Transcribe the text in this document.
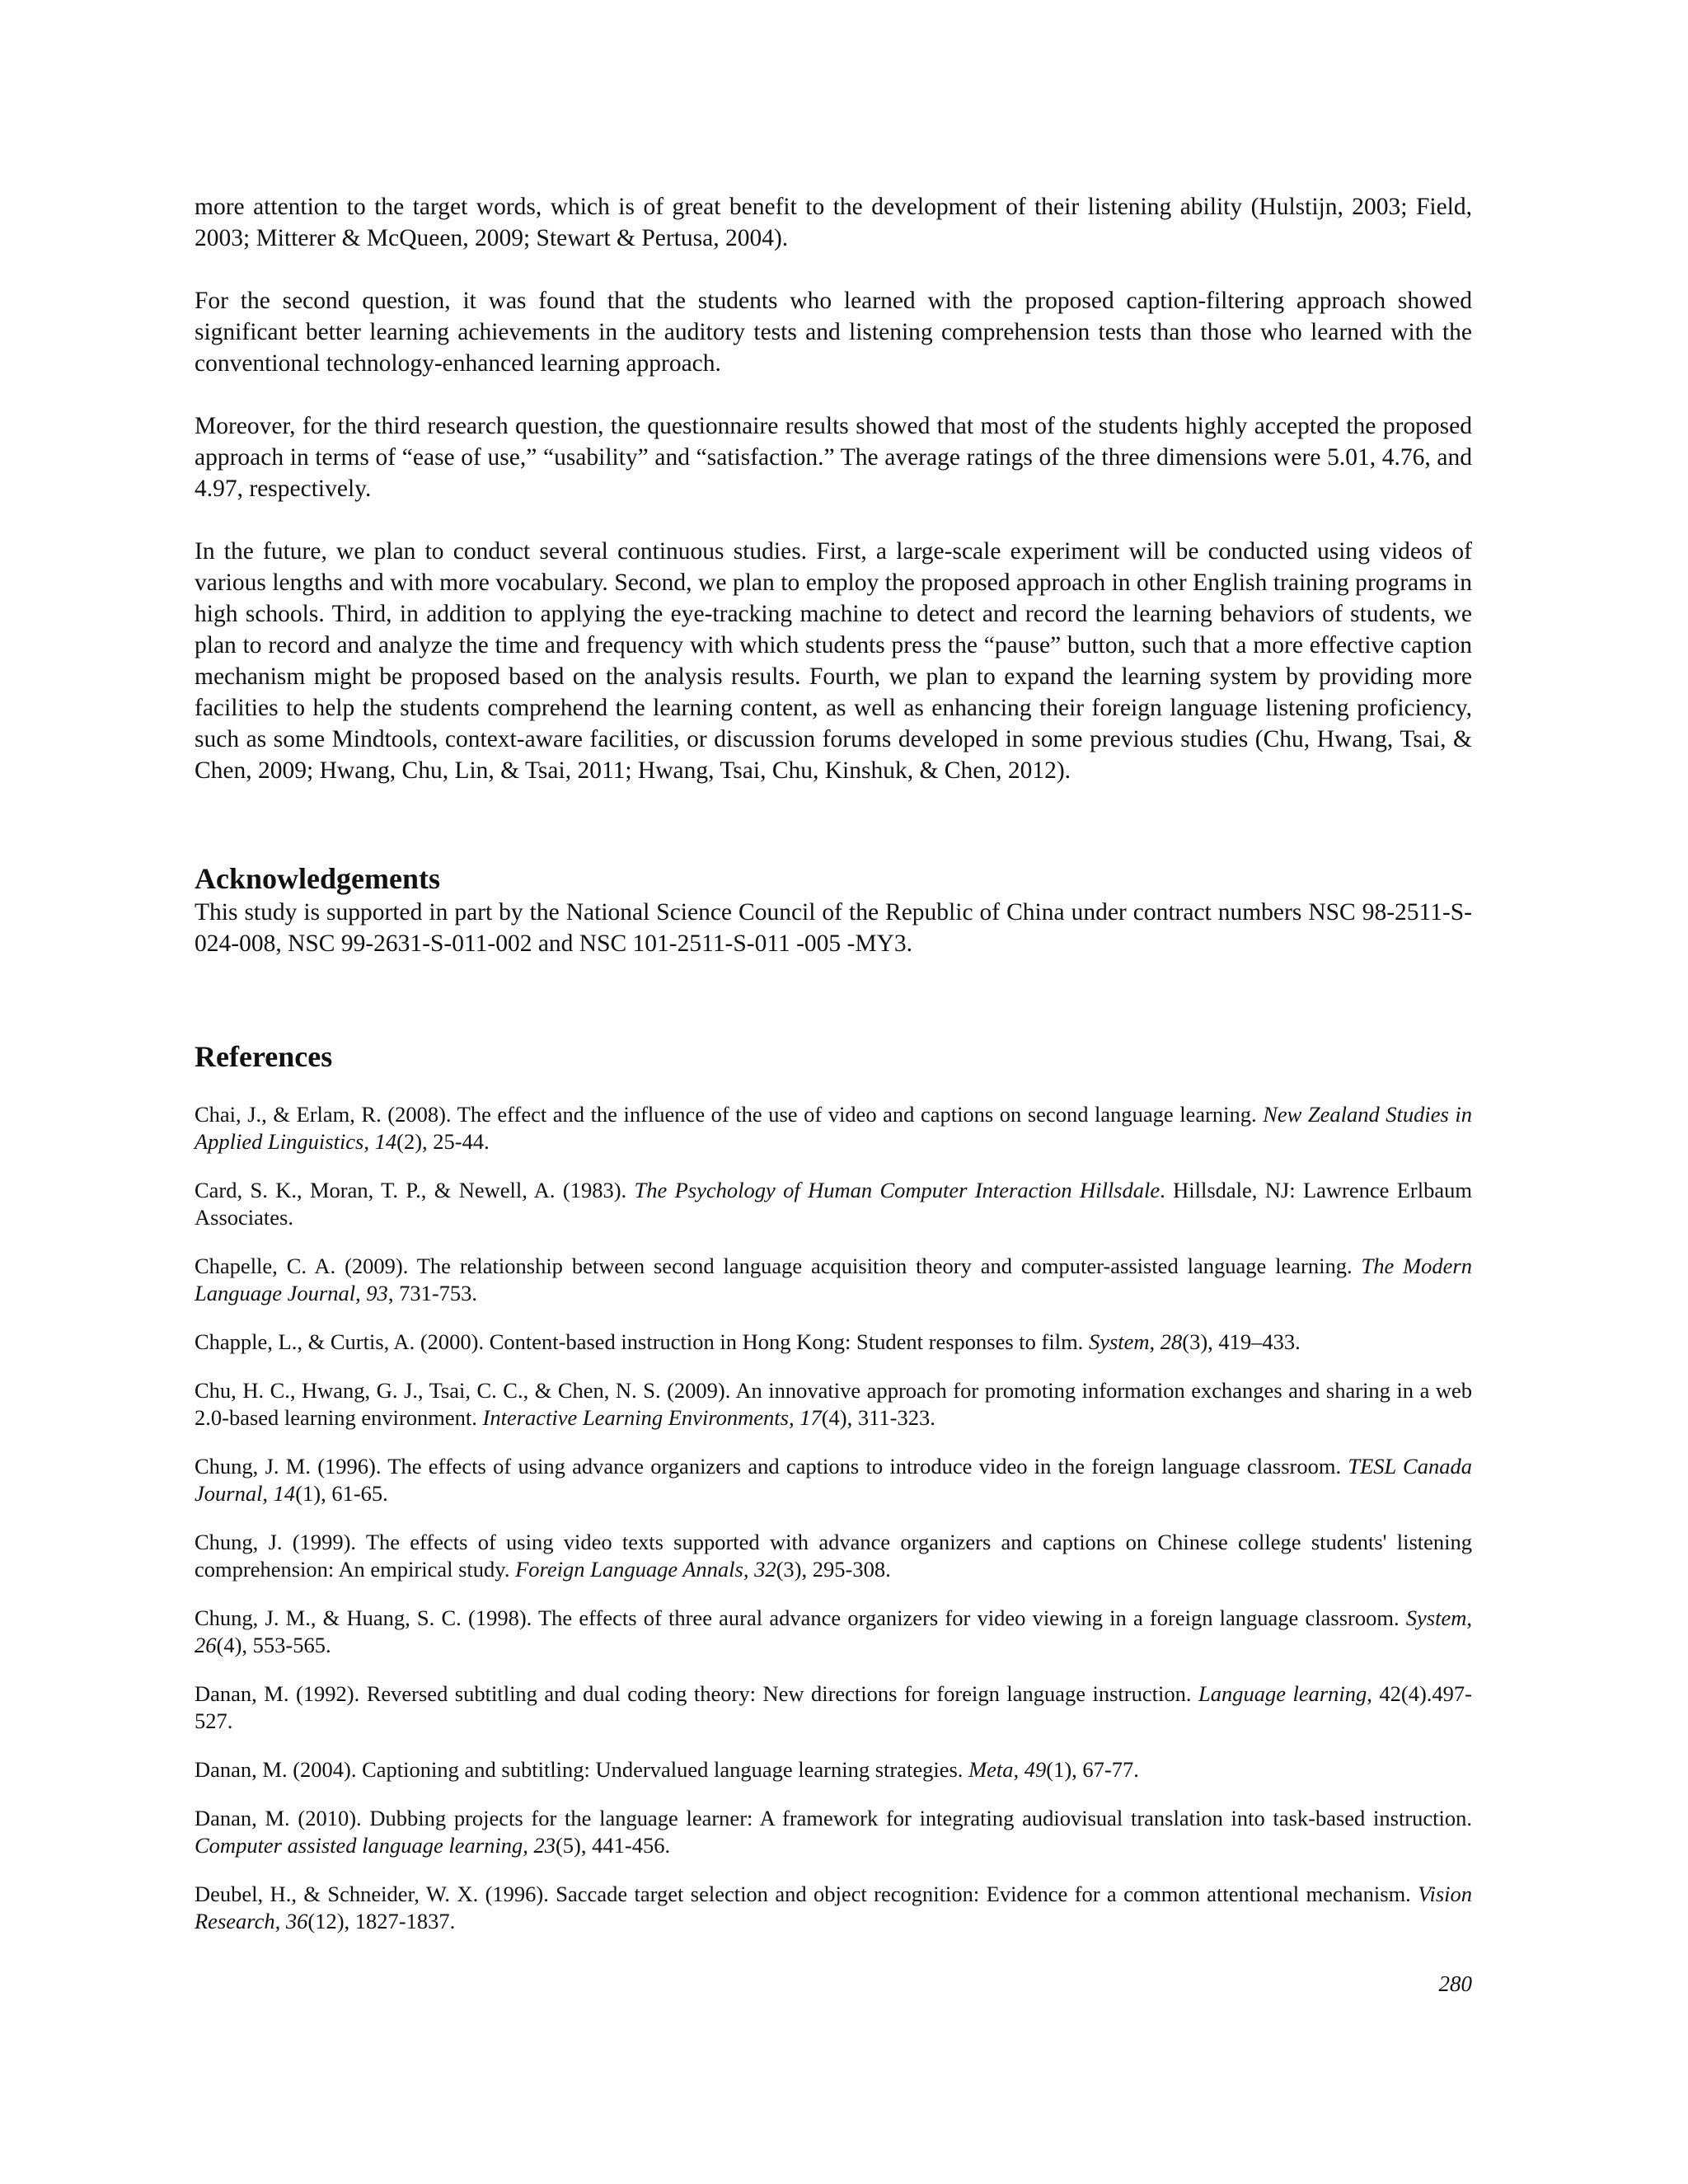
more attention to the target words, which is of great benefit to the development of their listening ability (Hulstijn, 2003; Field, 2003; Mitterer & McQueen, 2009; Stewart & Pertusa, 2004).

For the second question, it was found that the students who learned with the proposed caption-filtering approach showed significant better learning achievements in the auditory tests and listening comprehension tests than those who learned with the conventional technology-enhanced learning approach.

Moreover, for the third research question, the questionnaire results showed that most of the students highly accepted the proposed approach in terms of “ease of use,” “usability” and “satisfaction.” The average ratings of the three dimensions were 5.01, 4.76, and 4.97, respectively.

In the future, we plan to conduct several continuous studies. First, a large-scale experiment will be conducted using videos of various lengths and with more vocabulary. Second, we plan to employ the proposed approach in other English training programs in high schools. Third, in addition to applying the eye-tracking machine to detect and record the learning behaviors of students, we plan to record and analyze the time and frequency with which students press the “pause” button, such that a more effective caption mechanism might be proposed based on the analysis results. Fourth, we plan to expand the learning system by providing more facilities to help the students comprehend the learning content, as well as enhancing their foreign language listening proficiency, such as some Mindtools, context-aware facilities, or discussion forums developed in some previous studies (Chu, Hwang, Tsai, & Chen, 2009; Hwang, Chu, Lin, & Tsai, 2011; Hwang, Tsai, Chu, Kinshuk, & Chen, 2012).

Acknowledgements

This study is supported in part by the National Science Council of the Republic of China under contract numbers NSC 98-2511-S-024-008, NSC 99-2631-S-011-002 and NSC 101-2511-S-011 -005 -MY3.

References
Chai, J., & Erlam, R. (2008). The effect and the influence of the use of video and captions on second language learning. New Zealand Studies in Applied Linguistics, 14(2), 25-44.
Card, S. K., Moran, T. P., & Newell, A. (1983). The Psychology of Human Computer Interaction Hillsdale. Hillsdale, NJ: Lawrence Erlbaum Associates.
Chapelle, C. A. (2009). The relationship between second language acquisition theory and computer-assisted language learning. The Modern Language Journal, 93, 731-753.
Chapple, L., & Curtis, A. (2000). Content-based instruction in Hong Kong: Student responses to film. System, 28(3), 419–433.
Chu, H. C., Hwang, G. J., Tsai, C. C., & Chen, N. S. (2009). An innovative approach for promoting information exchanges and sharing in a web 2.0-based learning environment. Interactive Learning Environments, 17(4), 311-323.
Chung, J. M. (1996). The effects of using advance organizers and captions to introduce video in the foreign language classroom. TESL Canada Journal, 14(1), 61-65.
Chung, J. (1999). The effects of using video texts supported with advance organizers and captions on Chinese college students' listening comprehension: An empirical study. Foreign Language Annals, 32(3), 295-308.
Chung, J. M., & Huang, S. C. (1998). The effects of three aural advance organizers for video viewing in a foreign language classroom. System, 26(4), 553-565.
Danan, M. (1992). Reversed subtitling and dual coding theory: New directions for foreign language instruction. Language learning, 42(4).497-527.
Danan, M. (2004). Captioning and subtitling: Undervalued language learning strategies. Meta, 49(1), 67-77.
Danan, M. (2010). Dubbing projects for the language learner: A framework for integrating audiovisual translation into task-based instruction. Computer assisted language learning, 23(5), 441-456.
Deubel, H., & Schneider, W. X. (1996). Saccade target selection and object recognition: Evidence for a common attentional mechanism. Vision Research, 36(12), 1827-1837.
280
